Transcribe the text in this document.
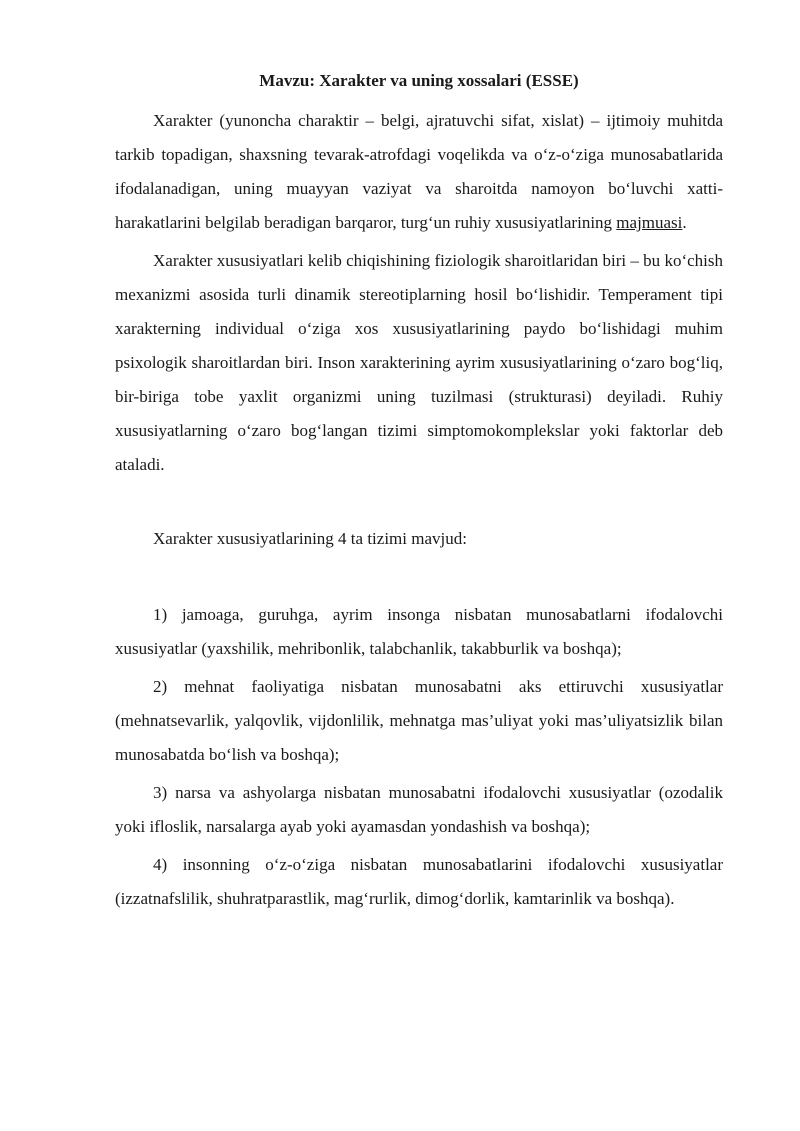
Mavzu: Xarakter va uning xossalari (ESSE)

Xarakter (yunoncha charaktir – belgi, ajratuvchi sifat, xislat) – ijtimoiy muhitda tarkib topadigan, shaxsning tevarak-atrofdagi voqelikda va o‘z-o‘ziga munosabatlarida ifodalanadigan, uning muayyan vaziyat va sharoitda namoyon bo‘luvchi xatti-harakatlarini belgilab beradigan barqaror, turg‘un ruhiy xususiyatlarining majmuasi.

Xarakter xususiyatlari kelib chiqishining fiziologik sharoitlaridan biri – bu ko‘chish mexanizmi asosida turli dinamik stereotiplarning hosil bo‘lishidir. Temperament tipi xarakterning individual o‘ziga xos xususiyatlarining paydo bo‘lishidagi muhim psixologik sharoitlardan biri. Inson xarakterining ayrim xususiyatlarining o‘zaro bog‘liq, bir-biriga tobe yaxlit organizmi uning tuzilmasi (strukturasi) deyiladi. Ruhiy xususiyatlarning o‘zaro bog‘langan tizimi simptomokomplekslar yoki faktorlar deb ataladi.

Xarakter xususiyatlarining 4 ta tizimi mavjud:

1) jamoaga, guruhga, ayrim insonga nisbatan munosabatlarni ifodalovchi xususiyatlar (yaxshilik, mehribonlik, talabchanlik, takabburlik va boshqa);

2) mehnat faoliyatiga nisbatan munosabatni aks ettiruvchi xususiyatlar (mehnatsevarlik, yalqovlik, vijdonlilik, mehnatga mas’uliyat yoki mas’uliyatsizlik bilan munosabatda bo‘lish va boshqa);

3) narsa va ashyolarga nisbatan munosabatni ifodalovchi xususiyatlar (ozodalik yoki ifloslik, narsalarga ayab yoki ayamasdan yondashish va boshqa);

4) insonning o‘z-o‘ziga nisbatan munosabatlarini ifodalovchi xususiyatlar (izzatnafslilik, shuhratparastlik, mag‘rurlik, dimog‘dorlik, kamtarinlik va boshqa).
